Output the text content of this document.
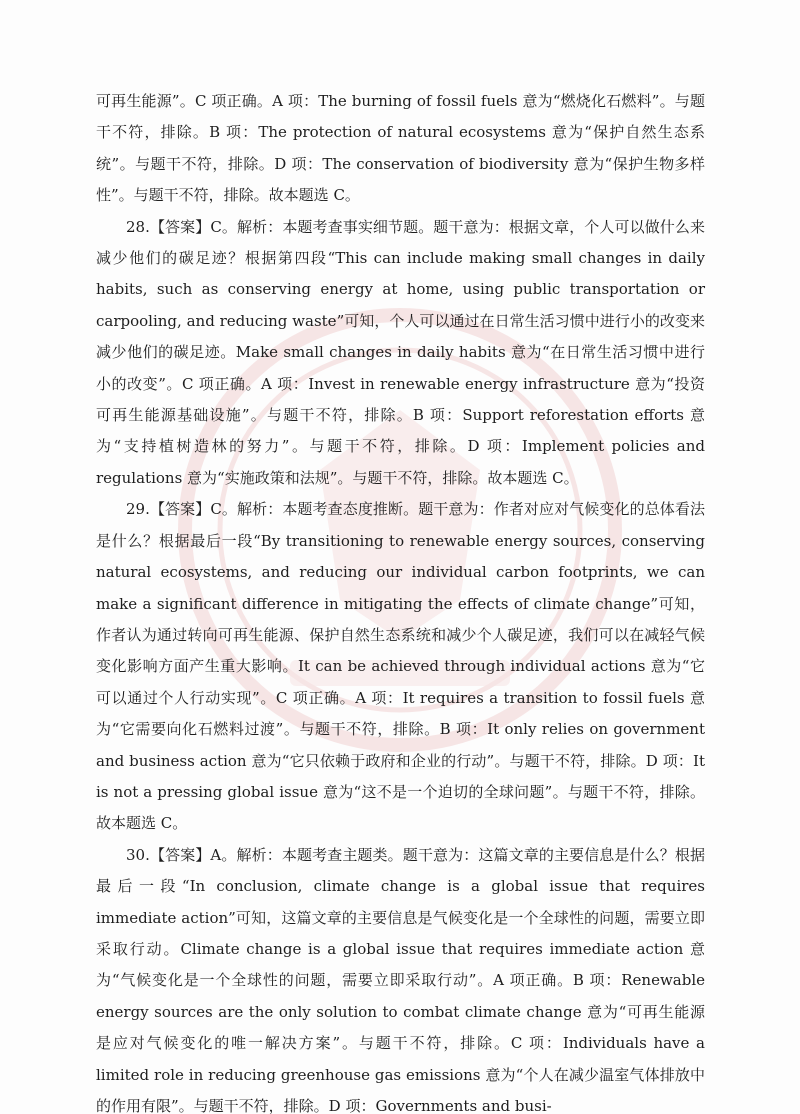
可再生能源”。C 项正确。A 项：The burning of fossil fuels 意为“燃烧化石燃料”。与题干不符，排除。B 项：The protection of natural ecosystems 意为“保护自然生态系统”。与题干不符，排除。D 项：The conservation of biodiversity 意为“保护生物多样性”。与题干不符，排除。故本题选 C。

28.【答案】C。解析：本题考查事实细节题。题干意为：根据文章，个人可以做什么来减少他们的碳足迹？根据第四段“This can include making small changes in daily habits, such as conserving energy at home, using public transportation or carpooling, and reducing waste”可知，个人可以通过在日常生活习惯中进行小的改变来减少他们的碳足迹。Make small changes in daily habits 意为“在日常生活习惯中进行小的改变”。C 项正确。A 项：Invest in renewable energy infrastructure 意为“投资可再生能源基础设施”。与题干不符，排除。B 项：Support reforestation efforts 意为“支持植树造林的努力”。与题干不符，排除。D 项：Implement policies and regulations 意为“实施政策和法规”。与题干不符，排除。故本题选 C。

29.【答案】C。解析：本题考查态度推断。题干意为：作者对应对气候变化的总体看法是什么？根据最后一段“By transitioning to renewable energy sources, conserving natural ecosystems, and reducing our individual carbon footprints, we can make a significant difference in mitigating the effects of climate change”可知，作者认为通过转向可再生能源、保护自然生态系统和减少个人碳足迹，我们可以在减轻气候变化影响方面产生重大影响。It can be achieved through individual actions 意为“它可以通过个人行动实现”。C 项正确。A 项：It requires a transition to fossil fuels 意为“它需要向化石燃料过渡”。与题干不符，排除。B 项：It only relies on government and business action 意为“它只依赖于政府和企业的行动”。与题干不符，排除。D 项：It is not a pressing global issue 意为“这不是一个迫切的全球问题”。与题干不符，排除。故本题选 C。

30.【答案】A。解析：本题考查主题类。题干意为：这篇文章的主要信息是什么？根据最后一段“In conclusion, climate change is a global issue that requires immediate action”可知，这篇文章的主要信息是气候变化是一个全球性的问题，需要立即采取行动。Climate change is a global issue that requires immediate action 意为“气候变化是一个全球性的问题，需要立即采取行动”。A 项正确。B 项：Renewable energy sources are the only solution to combat climate change 意为“可再生能源是应对气候变化的唯一解决方案”。与题干不符，排除。C 项：Individuals have a limited role in reducing greenhouse gas emissions 意为“个人在减少温室气体排放中的作用有限”。与题干不符，排除。D 项：Governments and busi-
